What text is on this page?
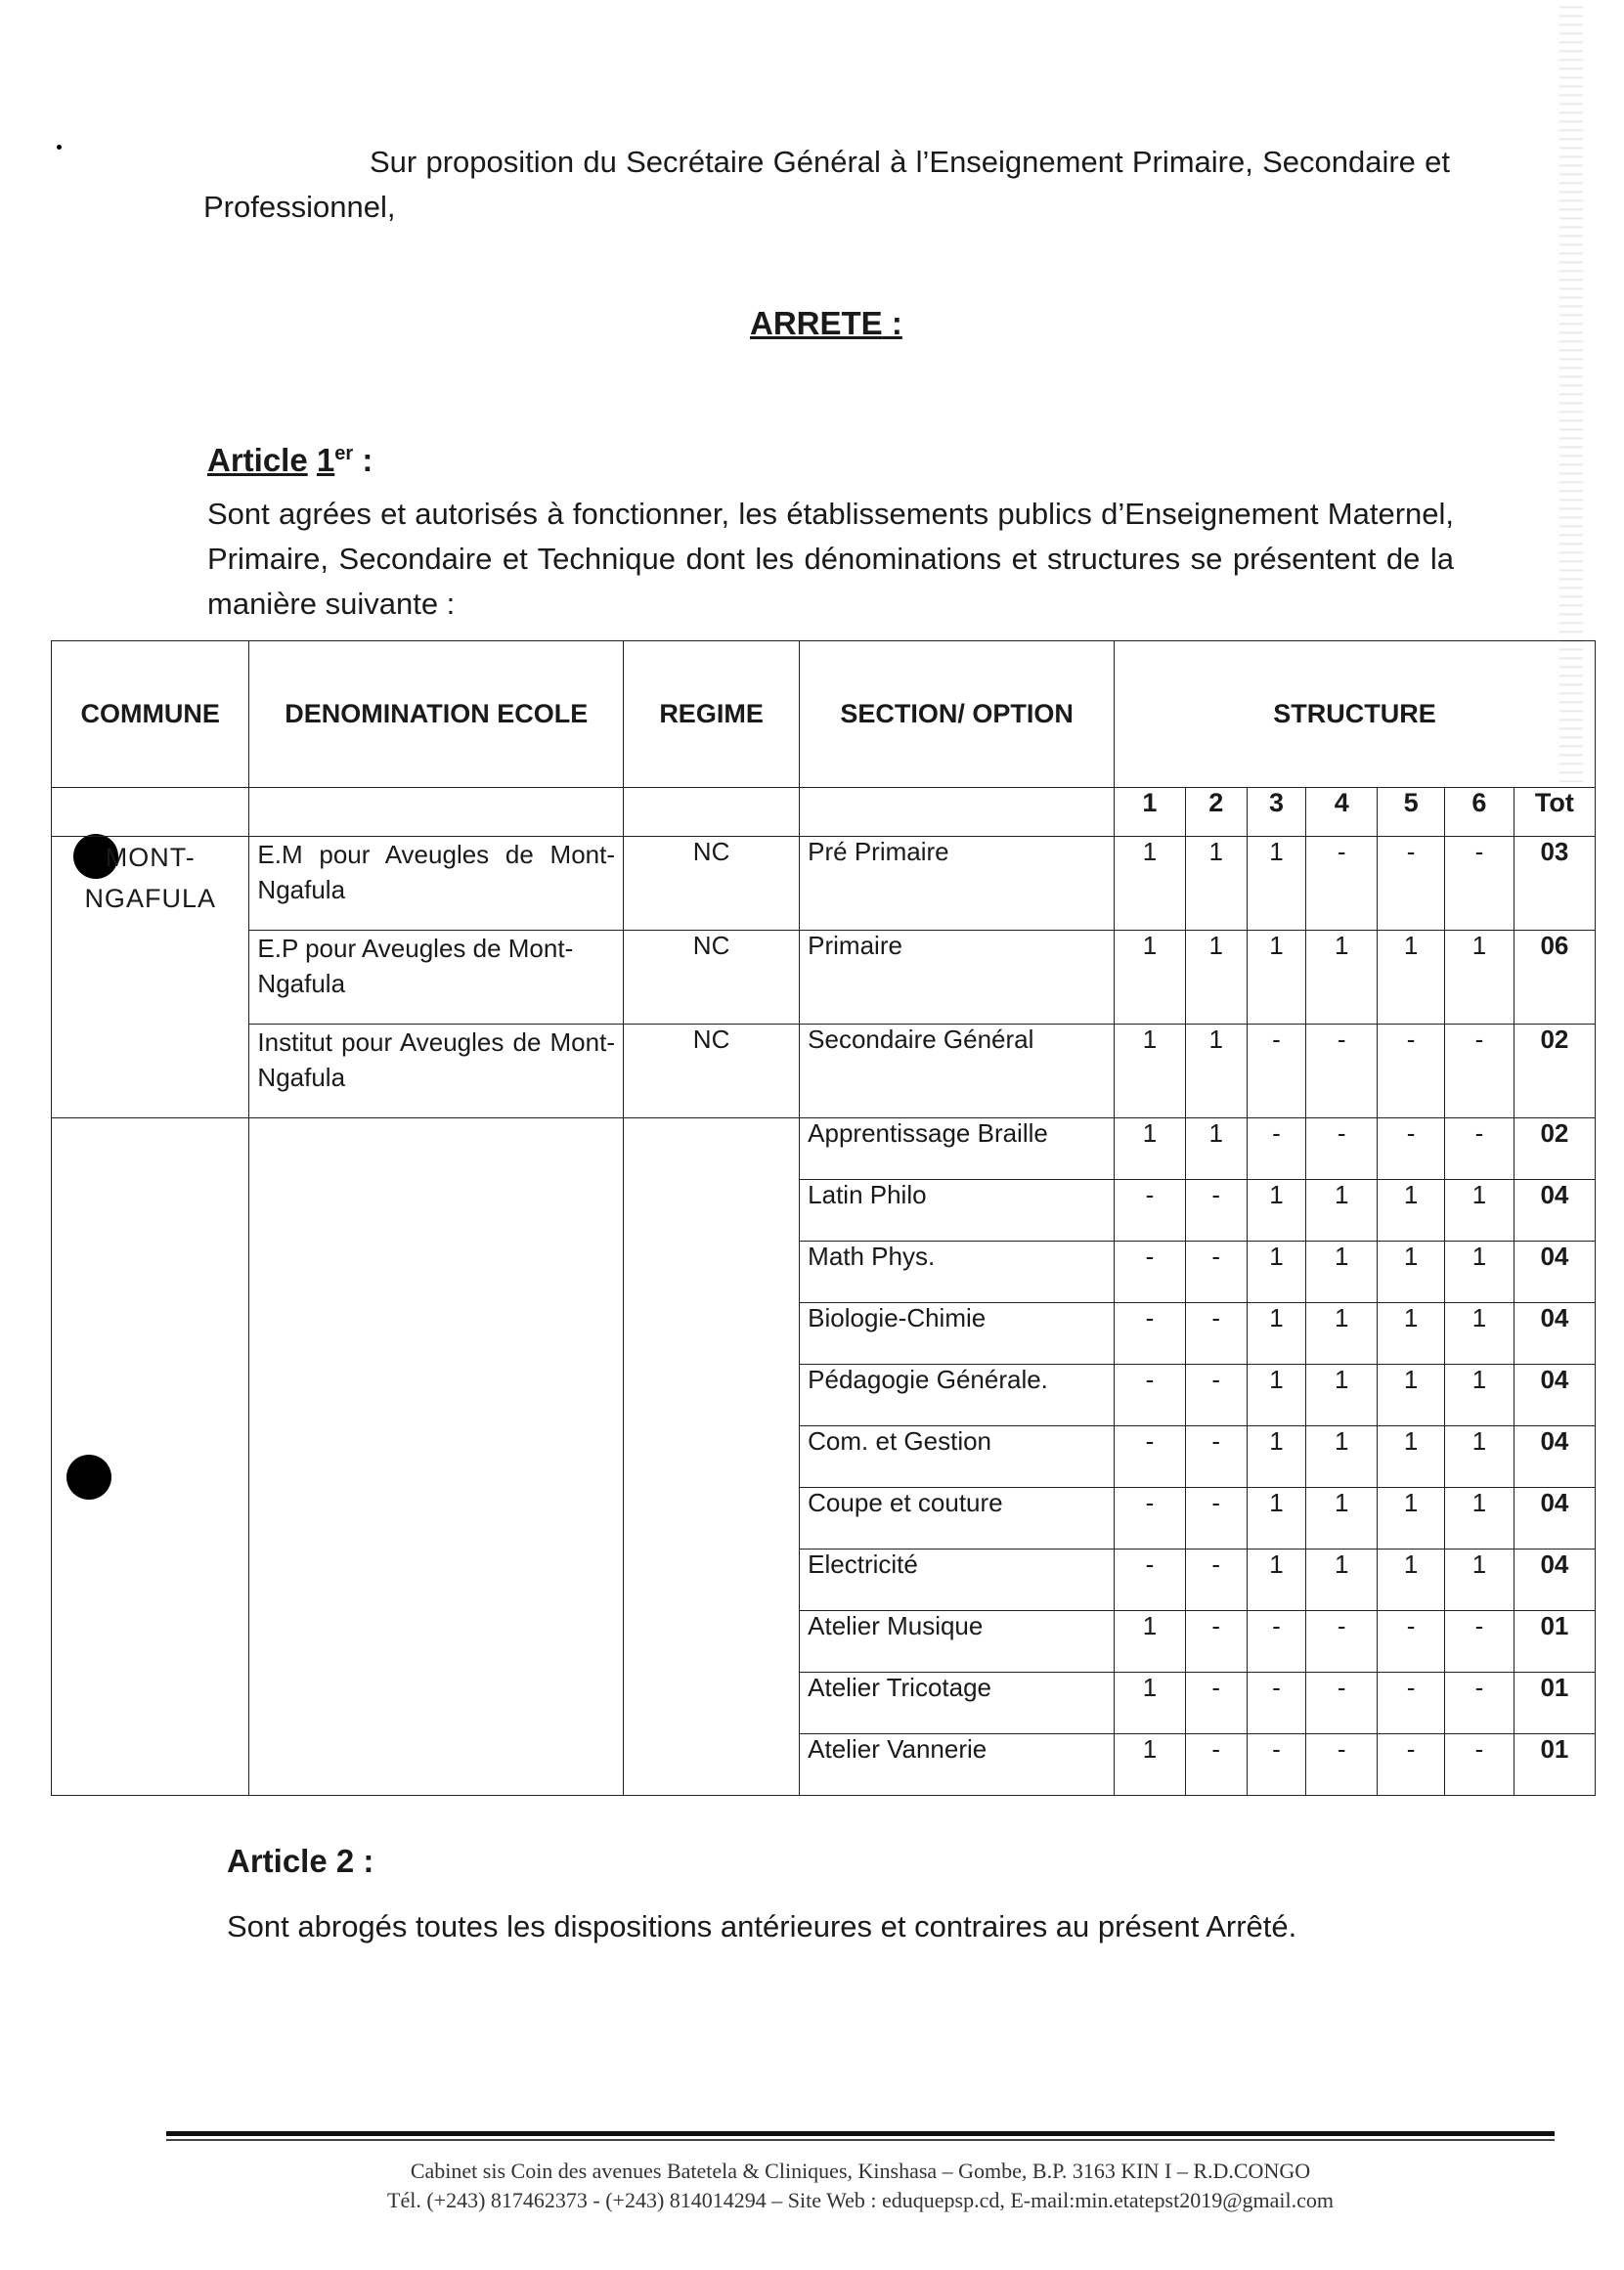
Sur proposition du Secrétaire Général à l’Enseignement Primaire, Secondaire et Professionnel,
ARRETE :
Article 1er :
Sont agrées et autorisés à fonctionner, les établissements publics d’Enseignement Maternel, Primaire, Secondaire et Technique dont les dénominations et structures se présentent de la manière suivante :
COMMUNE	DENOMINATION ECOLE	REGIME	SECTION/ OPTION	STRUCTURE						
				1	2	3	4	5	6	Tot
MONT-NGAFULA	E.M pour Aveugles de Mont-Ngafula	NC	Pré Primaire	1	1	1	-	-	-	03
	E.P pour Aveugles de Mont-Ngafula	NC	Primaire	1	1	1	1	1	1	06
	Institut pour Aveugles de Mont-Ngafula	NC	Secondaire Général	1	1	-	-	-	-	02
			Apprentissage Braille	1	1	-	-	-	-	02
			Latin Philo	-	-	1	1	1	1	04
			Math Phys.	-	-	1	1	1	1	04
			Biologie-Chimie	-	-	1	1	1	1	04
			Pédagogie Générale.	-	-	1	1	1	1	04
			Com. et Gestion	-	-	1	1	1	1	04
			Coupe et couture	-	-	1	1	1	1	04
			Electricité	-	-	1	1	1	1	04
			Atelier Musique	1	-	-	-	-	-	01
			Atelier Tricotage	1	-	-	-	-	-	01
			Atelier Vannerie	1	-	-	-	-	-	01
Article 2 :
Sont abrogés toutes les dispositions antérieures et contraires au présent Arrêté.
Cabinet sis Coin des avenues Batetela & Cliniques, Kinshasa – Gombe, B.P. 3163 KIN I – R.D.CONGO
Tél. (+243) 817462373 - (+243) 814014294 – Site Web : eduquepsp.cd, E-mail:min.etatepst2019@gmail.com
